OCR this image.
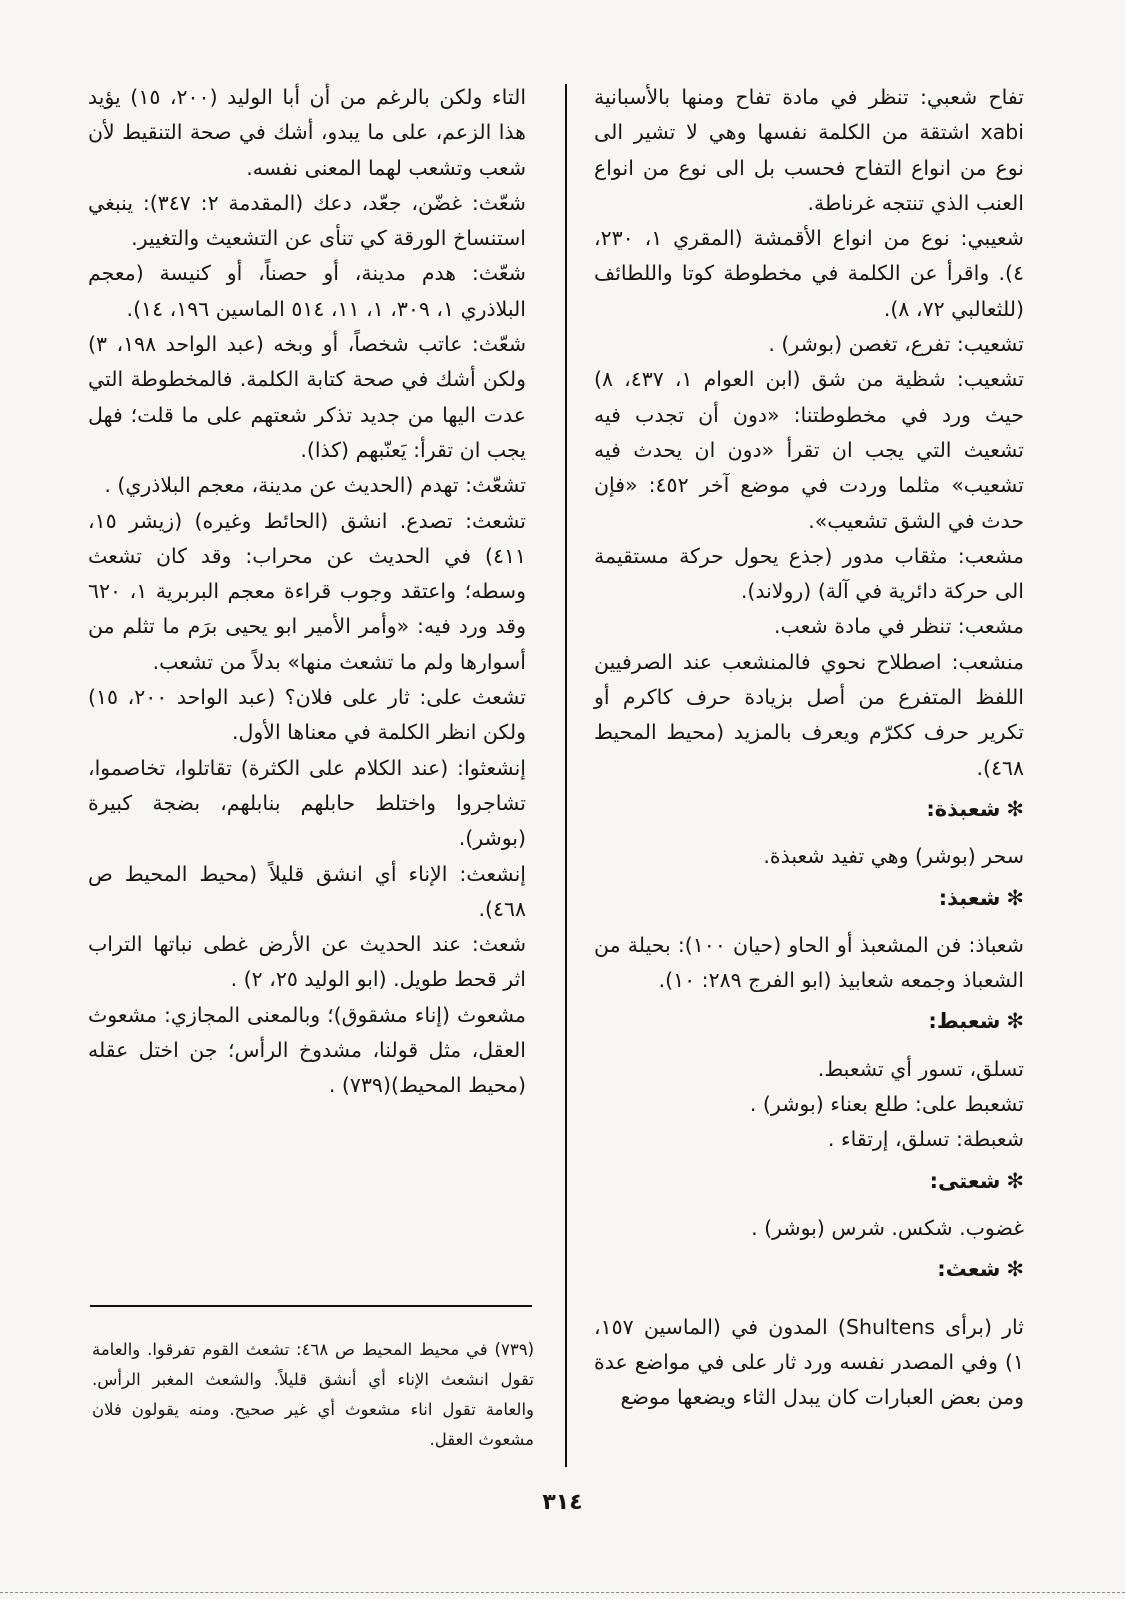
تفاح شعبي: تنظر في مادة تفاح ومنها بالأسبانية xabi اشتقة من الكلمة نفسها وهي لا تشير الى نوع من انواع التفاح فحسب بل الى نوع من انواع العنب الذي تنتجه غرناطة.

شعيبي: نوع من انواع الأقمشة (المقري ١، ٢٣٠، ٤). واقرأ عن الكلمة في مخطوطة كوتا واللطائف (للثعالبي ٧٢، ٨).

تشعيب: تفرع، تغصن (بوشر) .

تشعيب: شظية من شق (ابن العوام ١، ٤٣٧، ٨) حيث ورد في مخطوطتنا: «دون أن تجدب فيه تشعيث التي يجب ان تقرأ «دون ان يحدث فيه تشعيب» مثلما وردت في موضع آخر ٤٥٢: «فإن حدث في الشق تشعيب».

مشعب: مثقاب مدور (جذع يحول حركة مستقيمة الى حركة دائرية في آلة) (رولاند).

مشعب: تنظر في مادة شعب.

منشعب: اصطلاح نحوي فالمنشعب عند الصرفيين اللفظ المتفرع من أصل بزيادة حرف كاكرم أو تكرير حرف ككرّم ويعرف بالمزيد (محيط المحيط ٤٦٨).

✻شعبذة:

سحر (بوشر) وهي تفيد شعبذة.

✻شعبذ:

شعباذ: فن المشعبذ أو الحاو (حيان ١٠٠): بحيلة من الشعباذ وجمعه شعابيذ (ابو الفرج ٢٨٩: ١٠).

✻شعبط:

تسلق، تسور أي تشعبط.

تشعبط على: طلع بعناء (بوشر) .

شعبطة: تسلق، إرتقاء .

✻شعتى:

غضوب. شكس. شرس (بوشر) .

✻شعث:

ثار (برأى Shultens) المدون في (الماسين ١٥٧، ١) وفي المصدر نفسه ورد ثار على في مواضع عدة ومن بعض العبارات كان يبدل الثاء ويضعها موضع

التاء ولكن بالرغم من أن أبا الوليد (٢٠٠، ١٥) يؤيد هذا الزعم، على ما يبدو، أشك في صحة التنقيط لأن شعب وتشعب لهما المعنى نفسه.

شعّث: غضّن، جعّد، دعك (المقدمة ٢: ٣٤٧): ينبغي استنساخ الورقة كي تنأى عن التشعيث والتغيير.

شعّث: هدم مدينة، أو حصناً، أو كنيسة (معجم البلاذري ١، ٣٠٩، ١، ١١، ٥١٤ الماسين ١٩٦، ١٤).

شعّث: عاتب شخصاً، أو وبخه (عبد الواحد ١٩٨، ٣) ولكن أشك في صحة كتابة الكلمة. فالمخطوطة التي عدت اليها من جديد تذكر شعتهم على ما قلت؛ فهل يجب ان تقرأ: يَعنّبهم (كذا).

تشعّث: تهدم (الحديث عن مدينة، معجم البلاذري) .

تشعث: تصدع. انشق (الحائط وغيره) (زيشر ١٥، ٤١١) في الحديث عن محراب: وقد كان تشعث وسطه؛ واعتقد وجوب قراءة معجم البربرية ١، ٦٢٠ وقد ورد فيه: «وأمر الأمير ابو يحيى برَم ما تثلم من أسوارها ولم ما تشعث منها» بدلاً من تشعب.

تشعث على: ثار على فلان؟ (عبد الواحد ٢٠٠، ١٥) ولكن انظر الكلمة في معناها الأول.

إنشعثوا: (عند الكلام على الكثرة) تقاتلوا، تخاصموا، تشاجروا واختلط حابلهم بنابلهم، بضجة كبيرة (بوشر).

إنشعث: الإناء أي انشق قليلاً (محيط المحيط ص ٤٦٨).

شعث: عند الحديث عن الأرض غطى نباتها التراب اثر قحط طويل. (ابو الوليد ٢٥، ٢) .

مشعوث (إناء مشقوق)؛ وبالمعنى المجازي: مشعوث العقل، مثل قولنا، مشدوخ الرأس؛ جن اختل عقله (محيط المحيط)(٧٣٩) .

(٧٣٩) في محيط المحيط ص ٤٦٨: تشعث القوم تفرقوا. والعامة تقول انشعث الإناء أي أنشق قليلاً. والشعث المغبر الرأس. والعامة تقول اناء مشعوث أي غير صحيح. ومنه يقولون فلان مشعوث العقل.

٣١٤
